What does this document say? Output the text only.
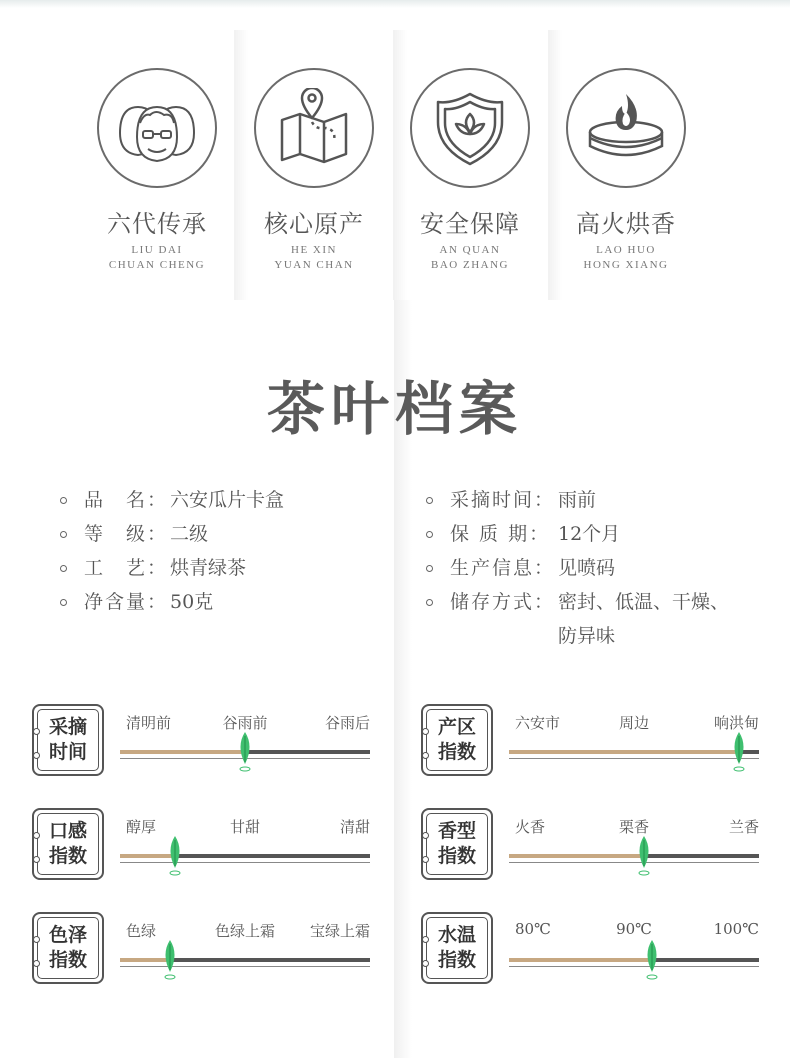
六代传承
LIU DAI
CHUAN CHENG
核心原产
HE XIN
YUAN CHAN
安全保障
AN QUAN
BAO ZHANG
高火烘香
LAO HUO
HONG XIANG
茶叶档案
品　名： 六安瓜片卡盒
等　级： 二级
工　艺： 烘青绿茶
净含量： 50克
采摘时间： 雨前
保 质 期： 12个月
生产信息： 见喷码
储存方式： 密封、低温、干燥、
防异味
采摘
时间
清明前	谷雨前	谷雨后	产区
指数
六安市	周边	响洪甸
口感
指数
醇厚	甘甜	清甜	香型
指数
火香	栗香	兰香
色泽
指数
色绿	色绿上霜 宝绿上霜	水温
指数
80℃	90℃	100℃
